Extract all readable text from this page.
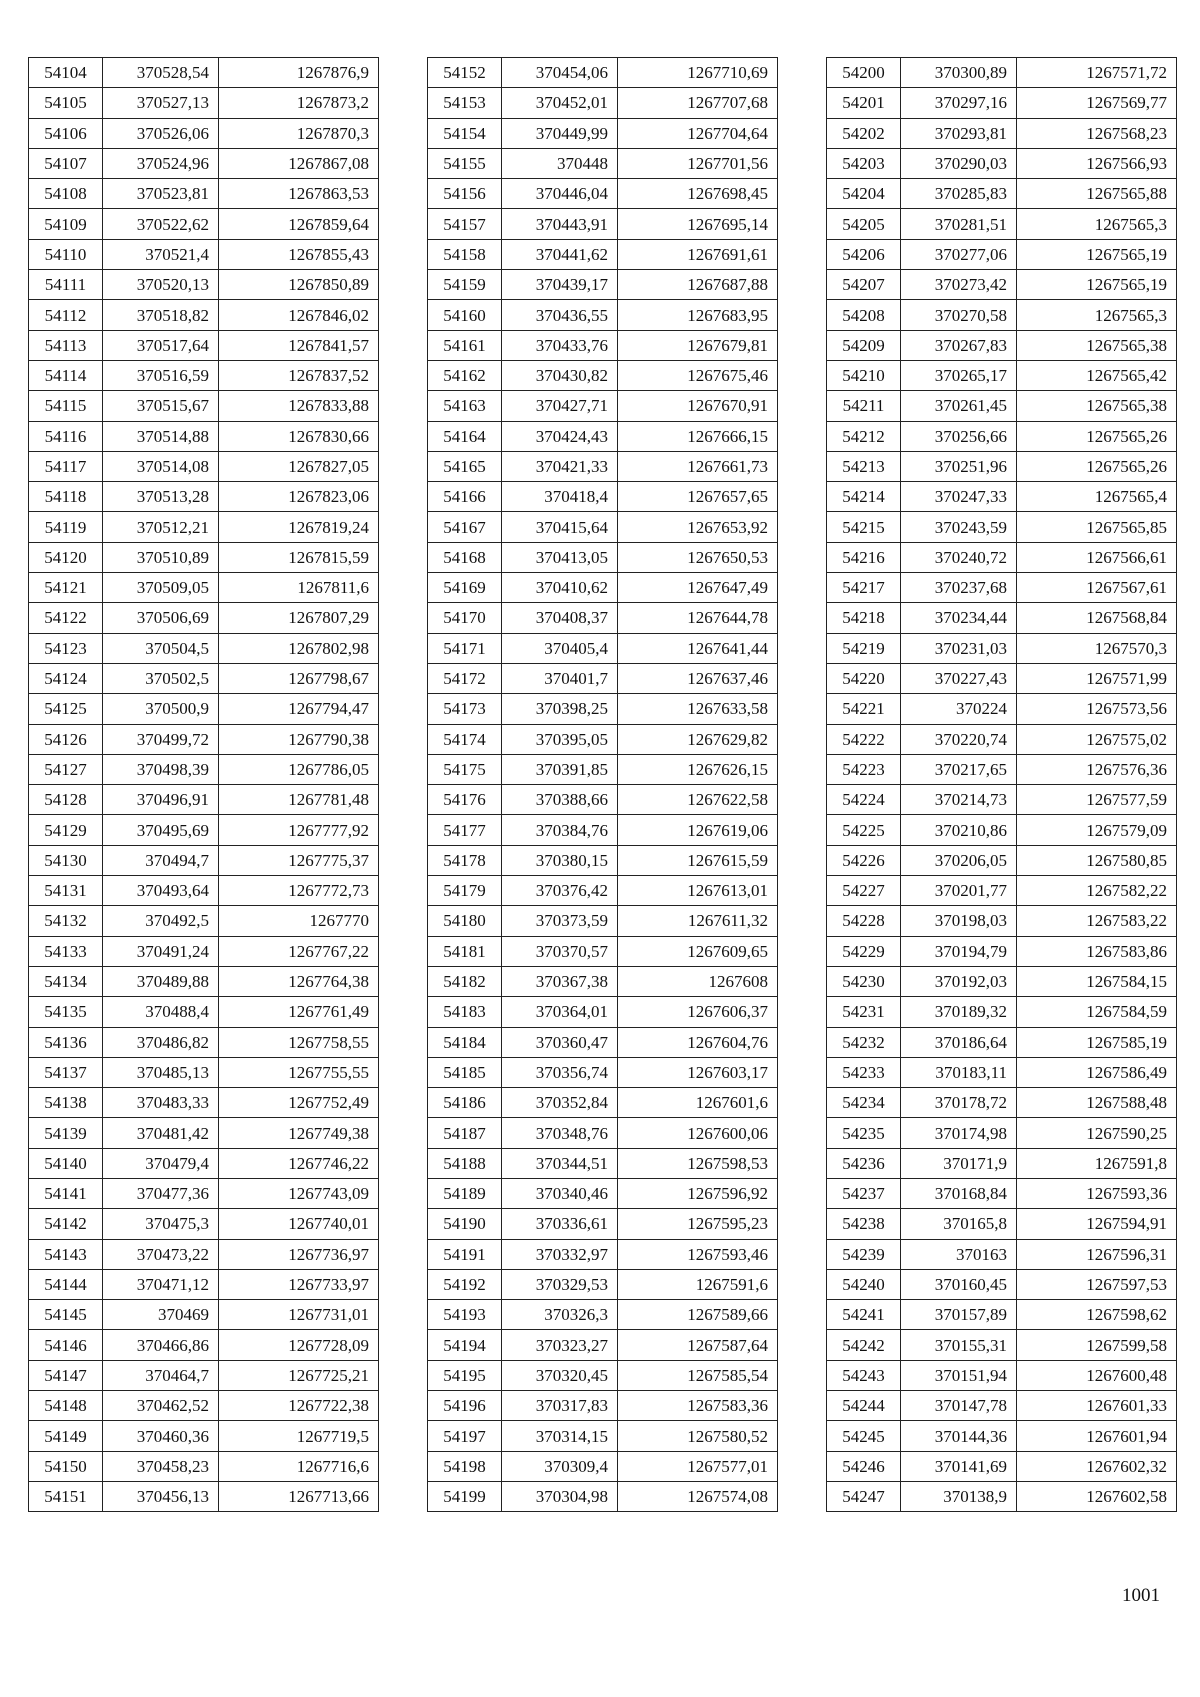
54104	370528,54	1267876,9
54105	370527,13	1267873,2
54106	370526,06	1267870,3
54107	370524,96	1267867,08
54108	370523,81	1267863,53
54109	370522,62	1267859,64
54110	370521,4	1267855,43
54111	370520,13	1267850,89
54112	370518,82	1267846,02
54113	370517,64	1267841,57
54114	370516,59	1267837,52
54115	370515,67	1267833,88
54116	370514,88	1267830,66
54117	370514,08	1267827,05
54118	370513,28	1267823,06
54119	370512,21	1267819,24
54120	370510,89	1267815,59
54121	370509,05	1267811,6
54122	370506,69	1267807,29
54123	370504,5	1267802,98
54124	370502,5	1267798,67
54125	370500,9	1267794,47
54126	370499,72	1267790,38
54127	370498,39	1267786,05
54128	370496,91	1267781,48
54129	370495,69	1267777,92
54130	370494,7	1267775,37
54131	370493,64	1267772,73
54132	370492,5	1267770
54133	370491,24	1267767,22
54134	370489,88	1267764,38
54135	370488,4	1267761,49
54136	370486,82	1267758,55
54137	370485,13	1267755,55
54138	370483,33	1267752,49
54139	370481,42	1267749,38
54140	370479,4	1267746,22
54141	370477,36	1267743,09
54142	370475,3	1267740,01
54143	370473,22	1267736,97
54144	370471,12	1267733,97
54145	370469	1267731,01
54146	370466,86	1267728,09
54147	370464,7	1267725,21
54148	370462,52	1267722,38
54149	370460,36	1267719,5
54150	370458,23	1267716,6
54151	370456,13	1267713,66
54152	370454,06	1267710,69
54153	370452,01	1267707,68
54154	370449,99	1267704,64
54155	370448	1267701,56
54156	370446,04	1267698,45
54157	370443,91	1267695,14
54158	370441,62	1267691,61
54159	370439,17	1267687,88
54160	370436,55	1267683,95
54161	370433,76	1267679,81
54162	370430,82	1267675,46
54163	370427,71	1267670,91
54164	370424,43	1267666,15
54165	370421,33	1267661,73
54166	370418,4	1267657,65
54167	370415,64	1267653,92
54168	370413,05	1267650,53
54169	370410,62	1267647,49
54170	370408,37	1267644,78
54171	370405,4	1267641,44
54172	370401,7	1267637,46
54173	370398,25	1267633,58
54174	370395,05	1267629,82
54175	370391,85	1267626,15
54176	370388,66	1267622,58
54177	370384,76	1267619,06
54178	370380,15	1267615,59
54179	370376,42	1267613,01
54180	370373,59	1267611,32
54181	370370,57	1267609,65
54182	370367,38	1267608
54183	370364,01	1267606,37
54184	370360,47	1267604,76
54185	370356,74	1267603,17
54186	370352,84	1267601,6
54187	370348,76	1267600,06
54188	370344,51	1267598,53
54189	370340,46	1267596,92
54190	370336,61	1267595,23
54191	370332,97	1267593,46
54192	370329,53	1267591,6
54193	370326,3	1267589,66
54194	370323,27	1267587,64
54195	370320,45	1267585,54
54196	370317,83	1267583,36
54197	370314,15	1267580,52
54198	370309,4	1267577,01
54199	370304,98	1267574,08
54200	370300,89	1267571,72
54201	370297,16	1267569,77
54202	370293,81	1267568,23
54203	370290,03	1267566,93
54204	370285,83	1267565,88
54205	370281,51	1267565,3
54206	370277,06	1267565,19
54207	370273,42	1267565,19
54208	370270,58	1267565,3
54209	370267,83	1267565,38
54210	370265,17	1267565,42
54211	370261,45	1267565,38
54212	370256,66	1267565,26
54213	370251,96	1267565,26
54214	370247,33	1267565,4
54215	370243,59	1267565,85
54216	370240,72	1267566,61
54217	370237,68	1267567,61
54218	370234,44	1267568,84
54219	370231,03	1267570,3
54220	370227,43	1267571,99
54221	370224	1267573,56
54222	370220,74	1267575,02
54223	370217,65	1267576,36
54224	370214,73	1267577,59
54225	370210,86	1267579,09
54226	370206,05	1267580,85
54227	370201,77	1267582,22
54228	370198,03	1267583,22
54229	370194,79	1267583,86
54230	370192,03	1267584,15
54231	370189,32	1267584,59
54232	370186,64	1267585,19
54233	370183,11	1267586,49
54234	370178,72	1267588,48
54235	370174,98	1267590,25
54236	370171,9	1267591,8
54237	370168,84	1267593,36
54238	370165,8	1267594,91
54239	370163	1267596,31
54240	370160,45	1267597,53
54241	370157,89	1267598,62
54242	370155,31	1267599,58
54243	370151,94	1267600,48
54244	370147,78	1267601,33
54245	370144,36	1267601,94
54246	370141,69	1267602,32
54247	370138,9	1267602,58
1001
